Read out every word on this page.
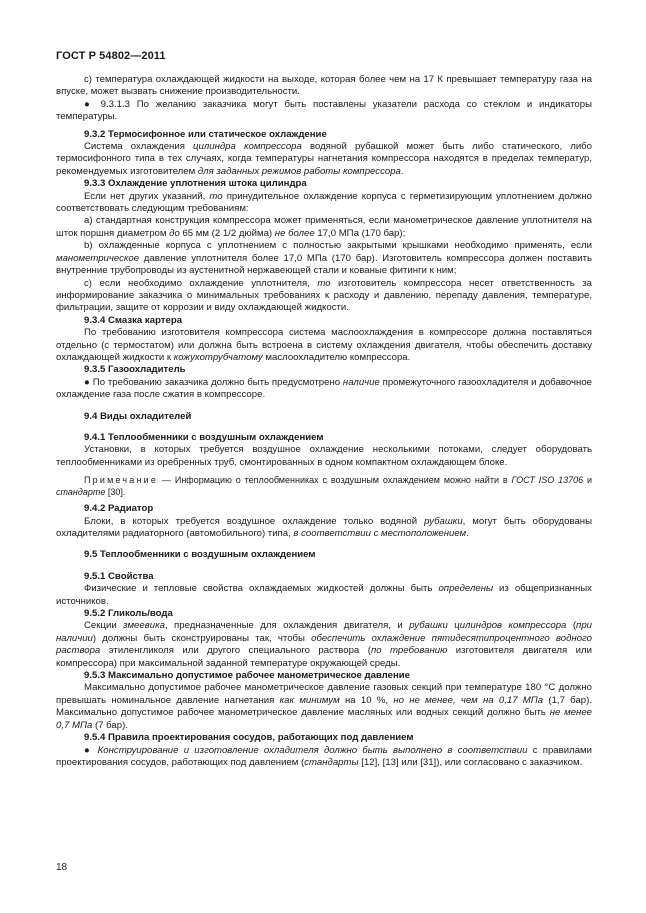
ГОСТ Р 54802—2011

с) температура охлаждающей жидкости на выходе, которая более чем на 17 К превышает температуру газа на впуске, может вызвать снижение производительности.

● 9.3.1.3 По желанию заказчика могут быть поставлены указатели расхода со стеклом и индикаторы температуры.

9.3.2 Термосифонное или статическое охлаждение

Система охлаждения цилиндра компрессора водяной рубашкой может быть либо статического, либо термосифонного типа в тех случаях, когда температуры нагнетания компрессора находятся в пределах температур, рекомендуемых изготовителем для заданных режимов работы компрессора.

9.3.3 Охлаждение уплотнения штока цилиндра

Если нет других указаний, то принудительное охлаждение корпуса с герметизирующим уплотнением должно соответствовать следующим требованиям:

а) стандартная конструкция компрессора может применяться, если манометрическое давление уплотнителя на шток поршня диаметром до 65 мм (2 1/2 дюйма) не более 17,0 МПа (170 бар);

b) охлажденные корпуса с уплотнением с полностью закрытыми крышками необходимо применять, если манометрическое давление уплотнителя более 17,0 МПа (170 бар). Изготовитель компрессора должен поставить внутренние трубопроводы из аустенитной нержавеющей стали и кованые фитинги к ним;

с) если необходимо охлаждение уплотнителя, то изготовитель компрессора несет ответственность за информирование заказчика о минимальных требованиях к расходу и давлению, перепаду давления, температуре, фильтрации, защите от коррозии и виду охлаждающей жидкости.

9.3.4 Смазка картера

По требованию изготовителя компрессора система маслоохлаждения в компрессоре должна поставляться отдельно (с термостатом) или должна быть встроена в систему охлаждения двигателя, чтобы обеспечить доставку охлаждающей жидкости к кожухотрубчатому маслоохладителю компрессора.

9.3.5 Газоохладитель

● По требованию заказчика должно быть предусмотрено наличие промежуточного газоохладителя и добавочное охлаждение газа после сжатия в компрессоре.

9.4 Виды охладителей
9.4.1 Теплообменники с воздушным охлаждением

Установки, в которых требуется воздушное охлаждение несколькими потоками, следует оборудовать теплообменниками из оребренных труб, смонтированных в одном компактном охлаждающем блоке.

Примечание — Информацию о теплообменниках с воздушным охлаждением можно найти в ГОСТ ISO 13706 и стандарте [30].

9.4.2 Радиатор

Блоки, в которых требуется воздушное охлаждение только водяной рубашки, могут быть оборудованы охладителями радиаторного (автомобильного) типа, в соответствии с местоположением.

9.5 Теплообменники с воздушным охлаждением
9.5.1 Свойства

Физические и тепловые свойства охлаждаемых жидкостей должны быть определены из общепризнанных источников.

9.5.2 Гликоль/вода

Секции змеевика, предназначенные для охлаждения двигателя, и рубашки цилиндров компрессора (при наличии) должны быть сконструированы так, чтобы обеспечить охлаждение пятидесятипроцентного водного раствора этиленгликоля или другого специального раствора (по требованию изготовителя двигателя или компрессора) при максимальной заданной температуре окружающей среды.

9.5.3 Максимально допустимое рабочее манометрическое давление

Максимально допустимое рабочее манометрическое давление газовых секций при температуре 180 °С должно превышать номинальное давление нагнетания как минимум на 10 %, но не менее, чем на 0,17 МПа (1,7 бар). Максимально допустимое рабочее манометрическое давление масляных или водных секций должно быть не менее 0,7 МПа (7 бар).

9.5.4 Правила проектирования сосудов, работающих под давлением

● Конструирование и изготовление охладителя должно быть выполнено в соответствии с правилами проектирования сосудов, работающих под давлением (стандарты [12], [13] или [31]), или согласовано с заказчиком.

18
